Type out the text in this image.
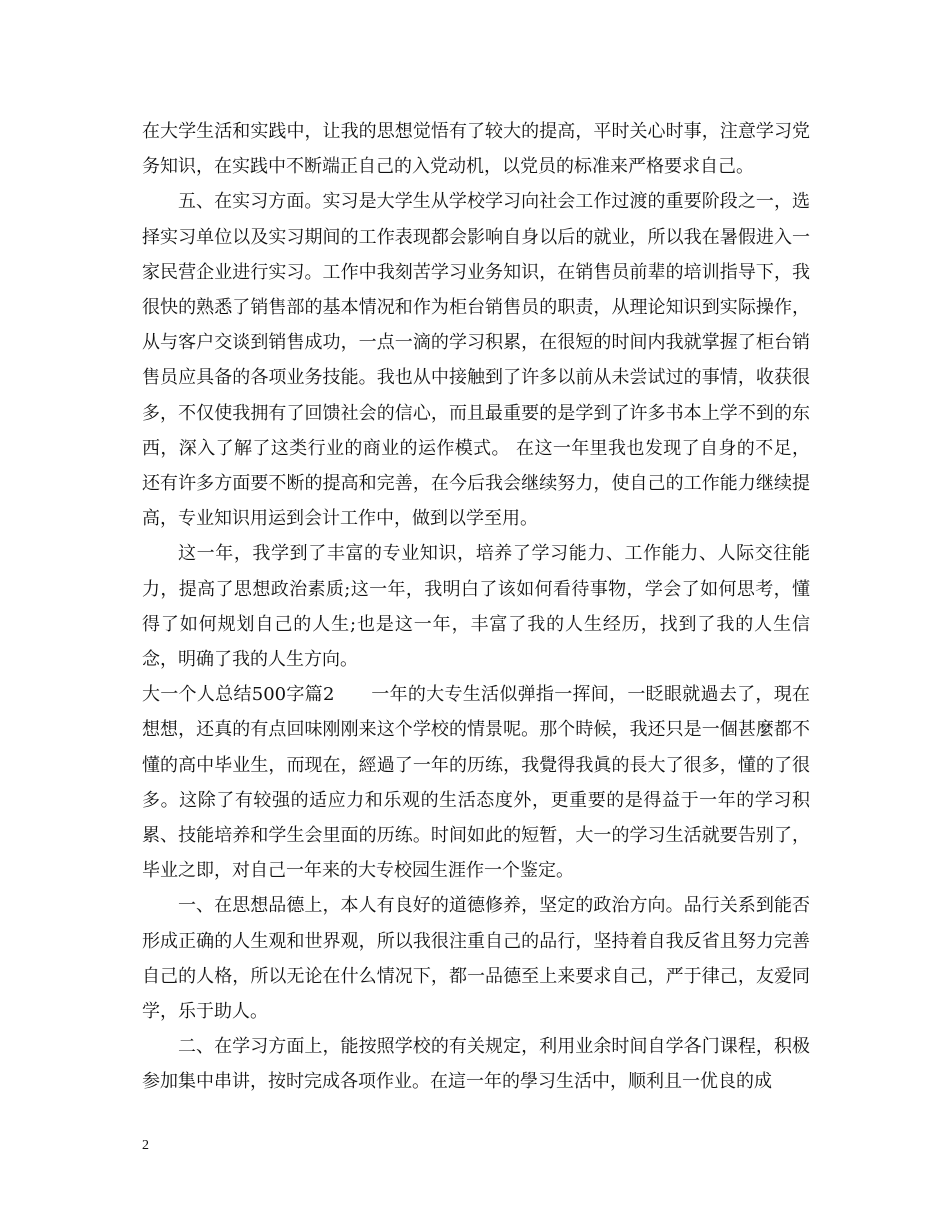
在大学生活和实践中，让我的思想觉悟有了较大的提高，平时关心时事，注意学习党务知识，在实践中不断端正自己的入党动机，以党员的标准来严格要求自己。

五、在实习方面。实习是大学生从学校学习向社会工作过渡的重要阶段之一，选择实习单位以及实习期间的工作表现都会影响自身以后的就业，所以我在暑假进入一家民营企业进行实习。工作中我刻苦学习业务知识，在销售员前辈的培训指导下，我很快的熟悉了销售部的基本情况和作为柜台销售员的职责，从理论知识到实际操作，从与客户交谈到销售成功，一点一滴的学习积累，在很短的时间内我就掌握了柜台销售员应具备的各项业务技能。我也从中接触到了许多以前从未尝试过的事情，收获很多，不仅使我拥有了回馈社会的信心，而且最重要的是学到了许多书本上学不到的东西，深入了解了这类行业的商业的运作模式。 在这一年里我也发现了自身的不足，还有许多方面要不断的提高和完善，在今后我会继续努力，使自己的工作能力继续提高，专业知识用运到会计工作中，做到以学至用。

这一年，我学到了丰富的专业知识，培养了学习能力、工作能力、人际交往能力，提高了思想政治素质;这一年，我明白了该如何看待事物，学会了如何思考，懂得了如何规划自己的人生;也是这一年，丰富了我的人生经历，找到了我的人生信念，明确了我的人生方向。

大一个人总结500字篇2　　一年的大专生活似弹指一挥间，一眨眼就過去了，現在想想，还真的有点回味刚刚来这个学校的情景呢。那个時候，我还只是一個甚麼都不懂的高中毕业生，而现在，經過了一年的历练，我覺得我眞的長大了很多，懂的了很多。这除了有较强的适应力和乐观的生活态度外，更重要的是得益于一年的学习积累、技能培养和学生会里面的历练。时间如此的短暂，大一的学习生活就要告别了，毕业之即，对自己一年来的大专校园生涯作一个鉴定。

一、在思想品德上，本人有良好的道德修养，坚定的政治方向。品行关系到能否形成正确的人生观和世界观，所以我很注重自己的品行，坚持着自我反省且努力完善自己的人格，所以无论在什么情况下，都一品德至上来要求自己，严于律己，友爱同学，乐于助人。

二、在学习方面上，能按照学校的有关规定，利用业余时间自学各门课程，积极参加集中串讲，按时完成各项作业。在這一年的學习生活中，顺利且一优良的成

2
